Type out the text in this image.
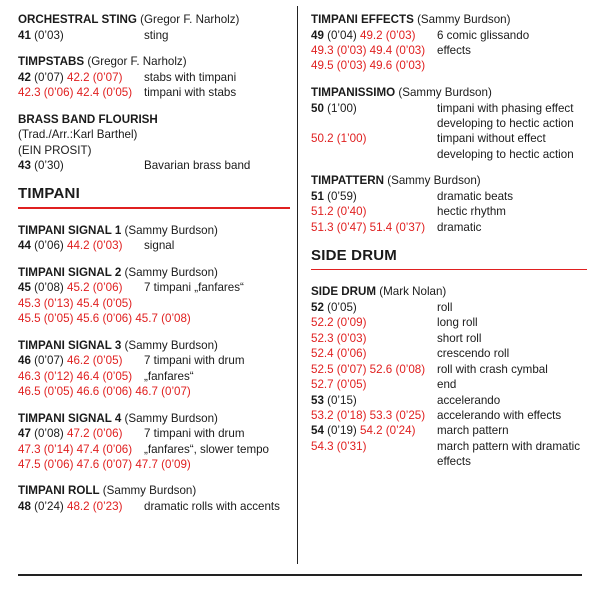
ORCHESTRAL STING (Gregor F. Narholz)
41 (0’03)	sting
TIMPSTABS (Gregor F. Narholz)
42 (0’07) 42.2 (0’07)	stabs with timpani
42.3 (0’06) 42.4 (0’05)	timpani with stabs
BRASS BAND FLOURISH
(Trad./Arr.:Karl Barthel)
(EIN PROSIT)
43 (0’30)	Bavarian brass band
TIMPANI
TIMPANI SIGNAL 1 (Sammy Burdson)
44 (0’06) 44.2 (0’03)	signal
TIMPANI SIGNAL 2 (Sammy Burdson)
45 (0’08) 45.2 (0’06)	7 timpani „fanfares“
45.3 (0’13) 45.4 (0’05)
45.5 (0’05) 45.6 (0’06) 45.7 (0’08)
TIMPANI SIGNAL 3 (Sammy Burdson)
46 (0’07) 46.2 (0’05)	7 timpani with drum
46.3 (0’12) 46.4 (0’05)	„fanfares“
46.5 (0’05) 46.6 (0’06) 46.7 (0’07)
TIMPANI SIGNAL 4 (Sammy Burdson)
47 (0’08) 47.2 (0’06)	7 timpani with drum
47.3 (0’14) 47.4 (0’06)	„fanfares“, slower tempo
47.5 (0’06) 47.6 (0’07) 47.7 (0’09)
TIMPANI ROLL (Sammy Burdson)
48 (0’24) 48.2 (0’23)	dramatic rolls with accents
TIMPANI EFFECTS (Sammy Burdson)
49 (0’04) 49.2 (0’03)	6 comic glissando
49.3 (0’03) 49.4 (0’03)	effects
49.5 (0’03) 49.6 (0’03)
TIMPANISSIMO (Sammy Burdson)
50 (1’00)	timpani with phasing effect developing to hectic action
50.2 (1’00)	timpani without effect developing to hectic action
TIMPATTERN (Sammy Burdson)
51 (0’59)	dramatic beats
51.2 (0’40)	hectic rhythm
51.3 (0’47) 51.4 (0’37)	dramatic
SIDE DRUM
SIDE DRUM (Mark Nolan)
52 (0’05)	roll
52.2 (0’09)	long roll
52.3 (0’03)	short roll
52.4 (0’06)	crescendo roll
52.5 (0’07) 52.6 (0’08)	roll with crash cymbal
52.7 (0’05)	end
53 (0’15)	accelerando
53.2 (0’18) 53.3 (0’25)	accelerando with effects
54 (0’19) 54.2 (0’24)	march pattern
54.3 (0’31)	march pattern with dramatic effects
